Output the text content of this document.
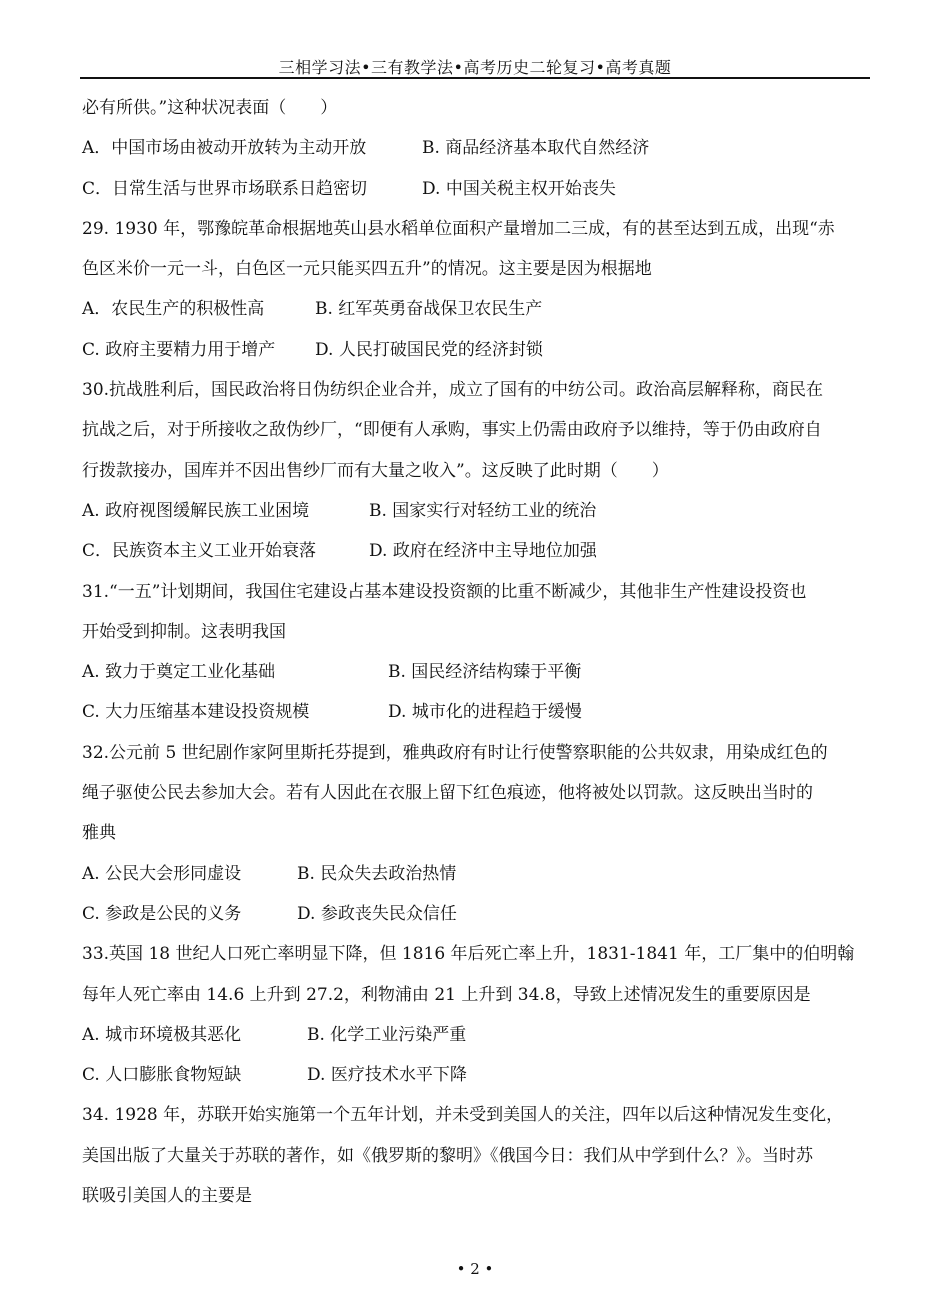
三相学习法•三有教学法•高考历史二轮复习•高考真题
必有所供。”这种状况表面（　　）
A．中国市场由被动开放转为主动开放	B. 商品经济基本取代自然经济
C．日常生活与世界市场联系日趋密切	D. 中国关税主权开始丧失
29. 1930 年，鄂豫皖革命根据地英山县水稻单位面积产量增加二三成，有的甚至达到五成，出现“赤
色区米价一元一斗，白色区一元只能买四五升”的情况。这主要是因为根据地
A．农民生产的积极性高	B. 红军英勇奋战保卫农民生产
C. 政府主要精力用于增产	D. 人民打破国民党的经济封锁
30.抗战胜利后，国民政治将日伪纺织企业合并，成立了国有的中纺公司。政治高层解释称，商民在
抗战之后，对于所接收之敌伪纱厂，“即便有人承购，事实上仍需由政府予以维持，等于仍由政府自
行拨款接办，国库并不因出售纱厂而有大量之收入”。这反映了此时期（　　）
A. 政府视图缓解民族工业困境	B. 国家实行对轻纺工业的统治
C．民族资本主义工业开始衰落	D. 政府在经济中主导地位加强
31.“一五”计划期间，我国住宅建设占基本建设投资额的比重不断减少，其他非生产性建设投资也
开始受到抑制。这表明我国
A. 致力于奠定工业化基础	B. 国民经济结构臻于平衡
C. 大力压缩基本建设投资规模	D. 城市化的进程趋于缓慢
32.公元前 5 世纪剧作家阿里斯托芬提到，雅典政府有时让行使警察职能的公共奴隶，用染成红色的
绳子驱使公民去参加大会。若有人因此在衣服上留下红色痕迹，他将被处以罚款。这反映出当时的
雅典
A. 公民大会形同虚设	B. 民众失去政治热情
C. 参政是公民的义务	D. 参政丧失民众信任
33.英国 18 世纪人口死亡率明显下降，但 1816 年后死亡率上升，1831-1841 年，工厂集中的伯明翰
每年人死亡率由 14.6 上升到 27.2，利物浦由 21 上升到 34.8，导致上述情况发生的重要原因是
A. 城市环境极其恶化	B. 化学工业污染严重
C. 人口膨胀食物短缺	D. 医疗技术水平下降
34. 1928 年，苏联开始实施第一个五年计划，并未受到美国人的关注，四年以后这种情况发生变化，
美国出版了大量关于苏联的著作，如《俄罗斯的黎明》《俄国今日：我们从中学到什么？》。当时苏
联吸引美国人的主要是
• 2 •
